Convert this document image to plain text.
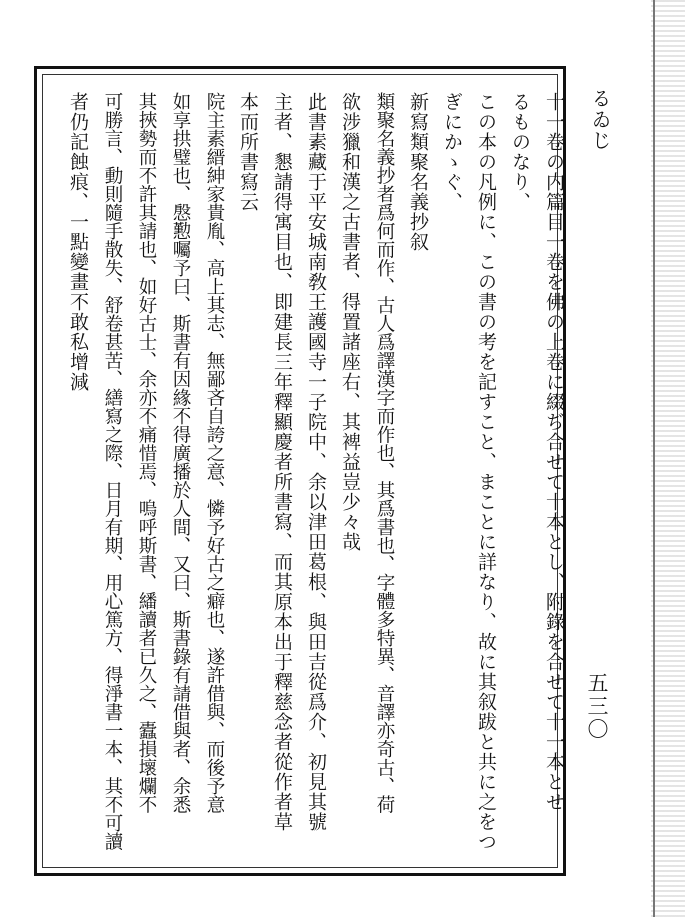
るゐじ
五三〇
十一卷の内篇目一卷を佛の上卷に綴ぢ合せて十本とし、附錄を合せて十一本とせ
るものなり、
この本の凡例に、この書の考を記すこと、まことに詳なり、故に其叙跋と共に之をつ
ぎにかゝぐ、
新寫類聚名義抄叙
類聚名義抄者爲何而作、古人爲譯漢字而作也、其爲書也、字體多特異、音譯亦奇古、荷
欲涉獵和漢之古書者、得置諸座右、其裨益豈少々哉
此書素藏于平安城南敎王護國寺一子院中、余以津田葛根、與田吉從爲介、初見其號
主者、懇請得寓目也、即建長三年釋顯慶者所書寫、而其原本出于釋慈念者從作者草
本而所書寫云
院主素縉紳家貴胤、高上其志、無鄙吝自誇之意、憐予好古之癖也、遂許借與、而後予意
如享拱璧也、慇懃囑予曰、斯書有因緣不得廣播於人間、又曰、斯書錄有請借與者、余悉
其挾勢而不許其請也、如好古士、余亦不痛惜焉、嗚呼斯書、繙讀者已久之、蠹損壞爛不
可勝言、動則隨手散失、舒卷甚苦、繕寫之際、日月有期、用心篤方、得淨書一本、其不可讀
者仍記蝕痕、一點變畫不敢私增減
